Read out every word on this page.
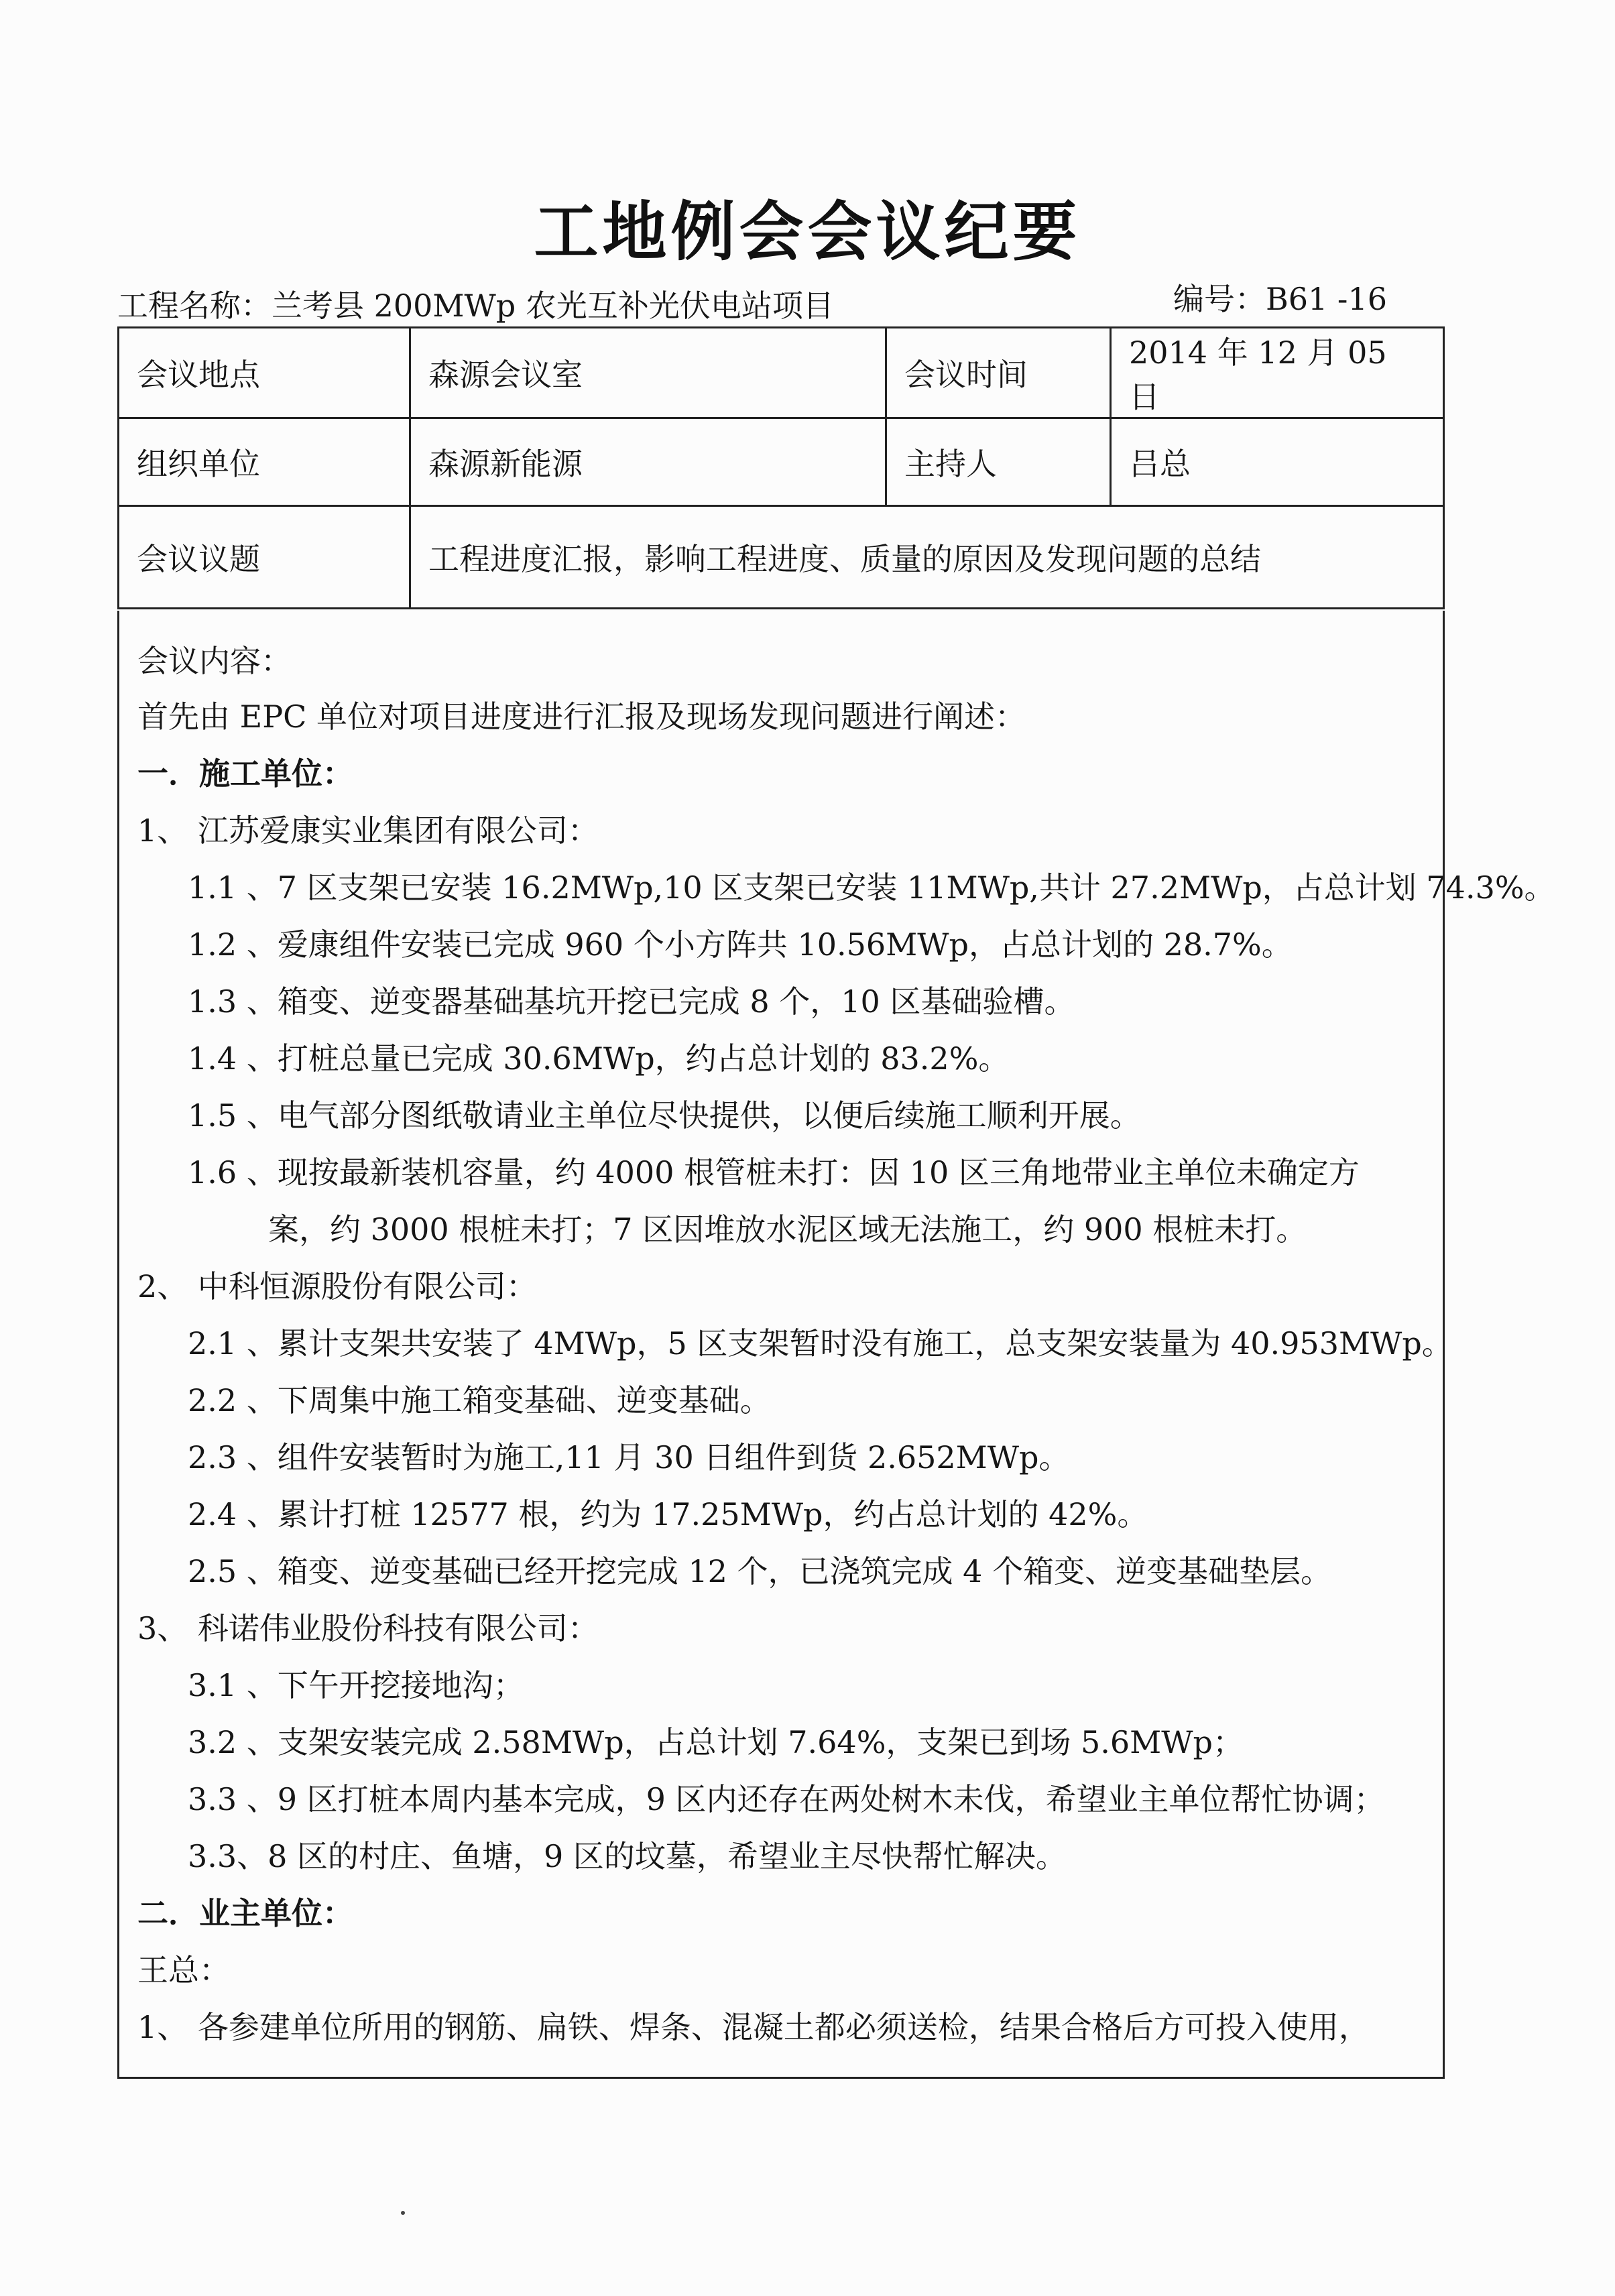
工地例会会议纪要
工程名称：兰考县 200MWp 农光互补光伏电站项目	编号：B61 -16
会议地点	森源会议室	会议时间	2014 年 12 月 05 日
组织单位	森源新能源	主持人	吕总
会议议题	工程进度汇报，影响工程进度、质量的原因及发现问题的总结		
会议内容：
首先由 EPC 单位对项目进度进行汇报及现场发现问题进行阐述：
一．施工单位：
1、 江苏爱康实业集团有限公司：
1.1 、7 区支架已安装 16.2MWp,10 区支架已安装 11MWp,共计 27.2MWp，占总计划 74.3%。
1.2 、爱康组件安装已完成 960 个小方阵共 10.56MWp，占总计划的 28.7%。
1.3 、箱变、逆变器基础基坑开挖已完成 8 个，10 区基础验槽。
1.4 、打桩总量已完成 30.6MWp，约占总计划的 83.2%。
1.5 、电气部分图纸敬请业主单位尽快提供，以便后续施工顺利开展。
1.6 、现按最新装机容量，约 4000 根管桩未打：因 10 区三角地带业主单位未确定方
案，约 3000 根桩未打；7 区因堆放水泥区域无法施工，约 900 根桩未打。
2、 中科恒源股份有限公司：
2.1 、累计支架共安装了 4MWp，5 区支架暂时没有施工，总支架安装量为 40.953MWp。
2.2 、下周集中施工箱变基础、逆变基础。
2.3 、组件安装暂时为施工,11 月 30 日组件到货 2.652MWp。
2.4 、累计打桩 12577 根，约为 17.25MWp，约占总计划的 42%。
2.5 、箱变、逆变基础已经开挖完成 12 个，已浇筑完成 4 个箱变、逆变基础垫层。
3、 科诺伟业股份科技有限公司：
3.1 、下午开挖接地沟；
3.2 、支架安装完成 2.58MWp，占总计划 7.64%，支架已到场 5.6MWp；
3.3 、9 区打桩本周内基本完成，9 区内还存在两处树木未伐，希望业主单位帮忙协调；
3.3、8 区的村庄、鱼塘，9 区的坟墓，希望业主尽快帮忙解决。
二．业主单位：
王总：
1、 各参建单位所用的钢筋、扁铁、焊条、混凝土都必须送检，结果合格后方可投入使用，
